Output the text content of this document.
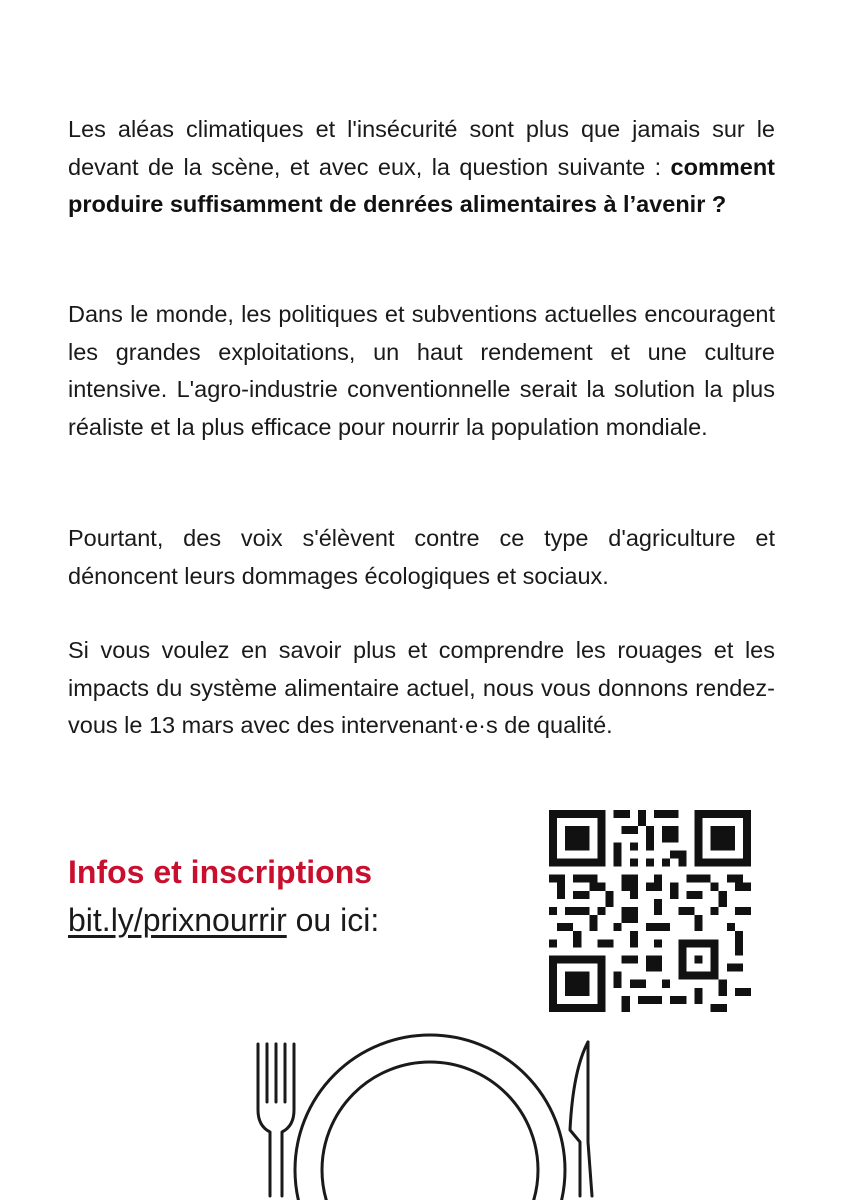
Les aléas climatiques et l'insécurité sont plus que jamais sur le devant de la scène, et avec eux, la question suivante : comment produire suffisamment de denrées alimentaires à l’avenir ?

Dans le monde, les politiques et subventions actuelles encouragent les grandes exploitations, un haut rendement et une culture intensive. L'agro-industrie conventionnelle serait la solution la plus réaliste et la plus efficace pour nourrir la population mondiale.

Pourtant, des voix s'élèvent contre ce type d'agriculture et dénoncent leurs dommages écologiques et sociaux.

Si vous voulez en savoir plus et comprendre les rouages et les impacts du système alimentaire actuel, nous vous donnons rendez-vous le 13 mars avec des intervenant·e·s de qualité.

Infos et inscriptions

bit.ly/prixnourrir ou ici:
